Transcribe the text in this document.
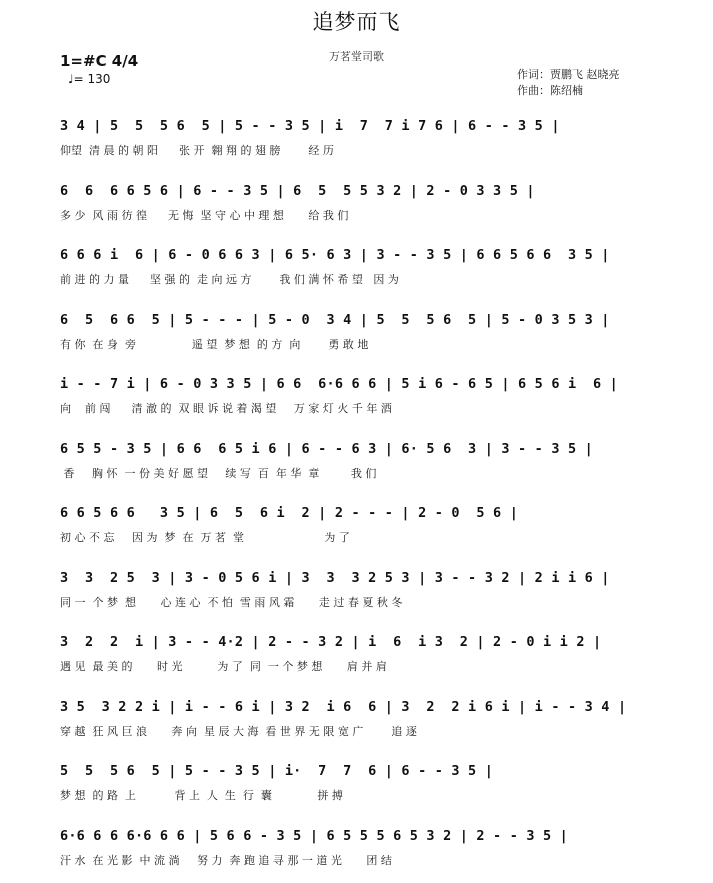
追梦而飞
万茗堂司歌
1=#C 4/4
♩= 130	作词：贾鹏飞 赵晓亮
作曲：陈绍楠
3 4 | 5  5  5 6  5 | 5 - - 3 5 | i  7  7 i 7 6 | 6 - - 3 5 |
仰望  清 晨 的 朝 阳      张 开  翱 翔 的 翅 膀        经 历
6  6  6 6 5 6 | 6 - - 3 5 | 6  5  5 5 3 2 | 2 - 0 3 3 5 |
多 少  风 雨 彷 徨      无 悔  坚 守 心 中 理 想       给 我 们
6 6 6 i  6 | 6 - 0 6 6 3 | 6 5· 6 3 | 3 - - 3 5 | 6 6 5 6 6  3 5 |
前 进 的 力 量      坚 强 的  走 向 远 方        我 们 满 怀 希 望   因 为
6  5  6 6  5 | 5 - - - | 5 - 0  3 4 | 5  5  5 6  5 | 5 - 0 3 5 3 |
有 你  在 身  旁                遥 望  梦 想  的 方  向        勇 敢 地
i - - 7 i | 6 - 0 3 3 5 | 6 6  6·6 6 6 | 5 i 6 - 6 5 | 6 5 6 i  6 |
向    前 闯      清 澈 的  双 眼 诉 说 着 渴 望     万 家 灯 火 千 年 酒
6 5 5 - 3 5 | 6 6  6 5 i 6 | 6 - - 6 3 | 6· 5 6  3 | 3 - - 3 5 |
香     胸 怀  一 份 美 好 愿 望     续 写  百  年 华  章         我 们
6 6 5 6 6   3 5 | 6  5  6 i  2 | 2 - - - | 2 - 0  5 6 |
初 心 不 忘     因 为  梦  在  万 茗  堂                       为 了
3  3  2 5  3 | 3 - 0 5 6 i | 3  3  3 2 5 3 | 3 - - 3 2 | 2 i i 6 |
同 一  个 梦  想       心 连 心  不 怕  雪 雨 风 霜       走 过 春 夏 秋 冬
3  2  2  i | 3 - - 4·2 | 2 - - 3 2 | i  6  i 3  2 | 2 - 0 i i 2 |
遇 见  最 美 的       时 光          为 了  同  一 个 梦 想       肩 并 肩
3 5  3 2 2 i | i - - 6 i | 3 2  i 6  6 | 3  2  2 i 6 i | i - - 3 4 |
穿 越  狂 风 巨 浪       奔 向  星 辰 大 海  看 世 界 无 限 宽 广        追 逐
5  5  5 6  5 | 5 - - 3 5 | i·  7  7  6 | 6 - - 3 5 |
梦 想  的 路  上           背 上  人  生  行  囊             拼 搏
6·6 6 6 6·6 6 6 | 5 6 6 - 3 5 | 6 5 5 5 6 5 3 2 | 2 - - 3 5 |
汗 水  在 光 影  中 流 淌     努 力  奔 跑 追 寻 那 一 道 光       团 结
